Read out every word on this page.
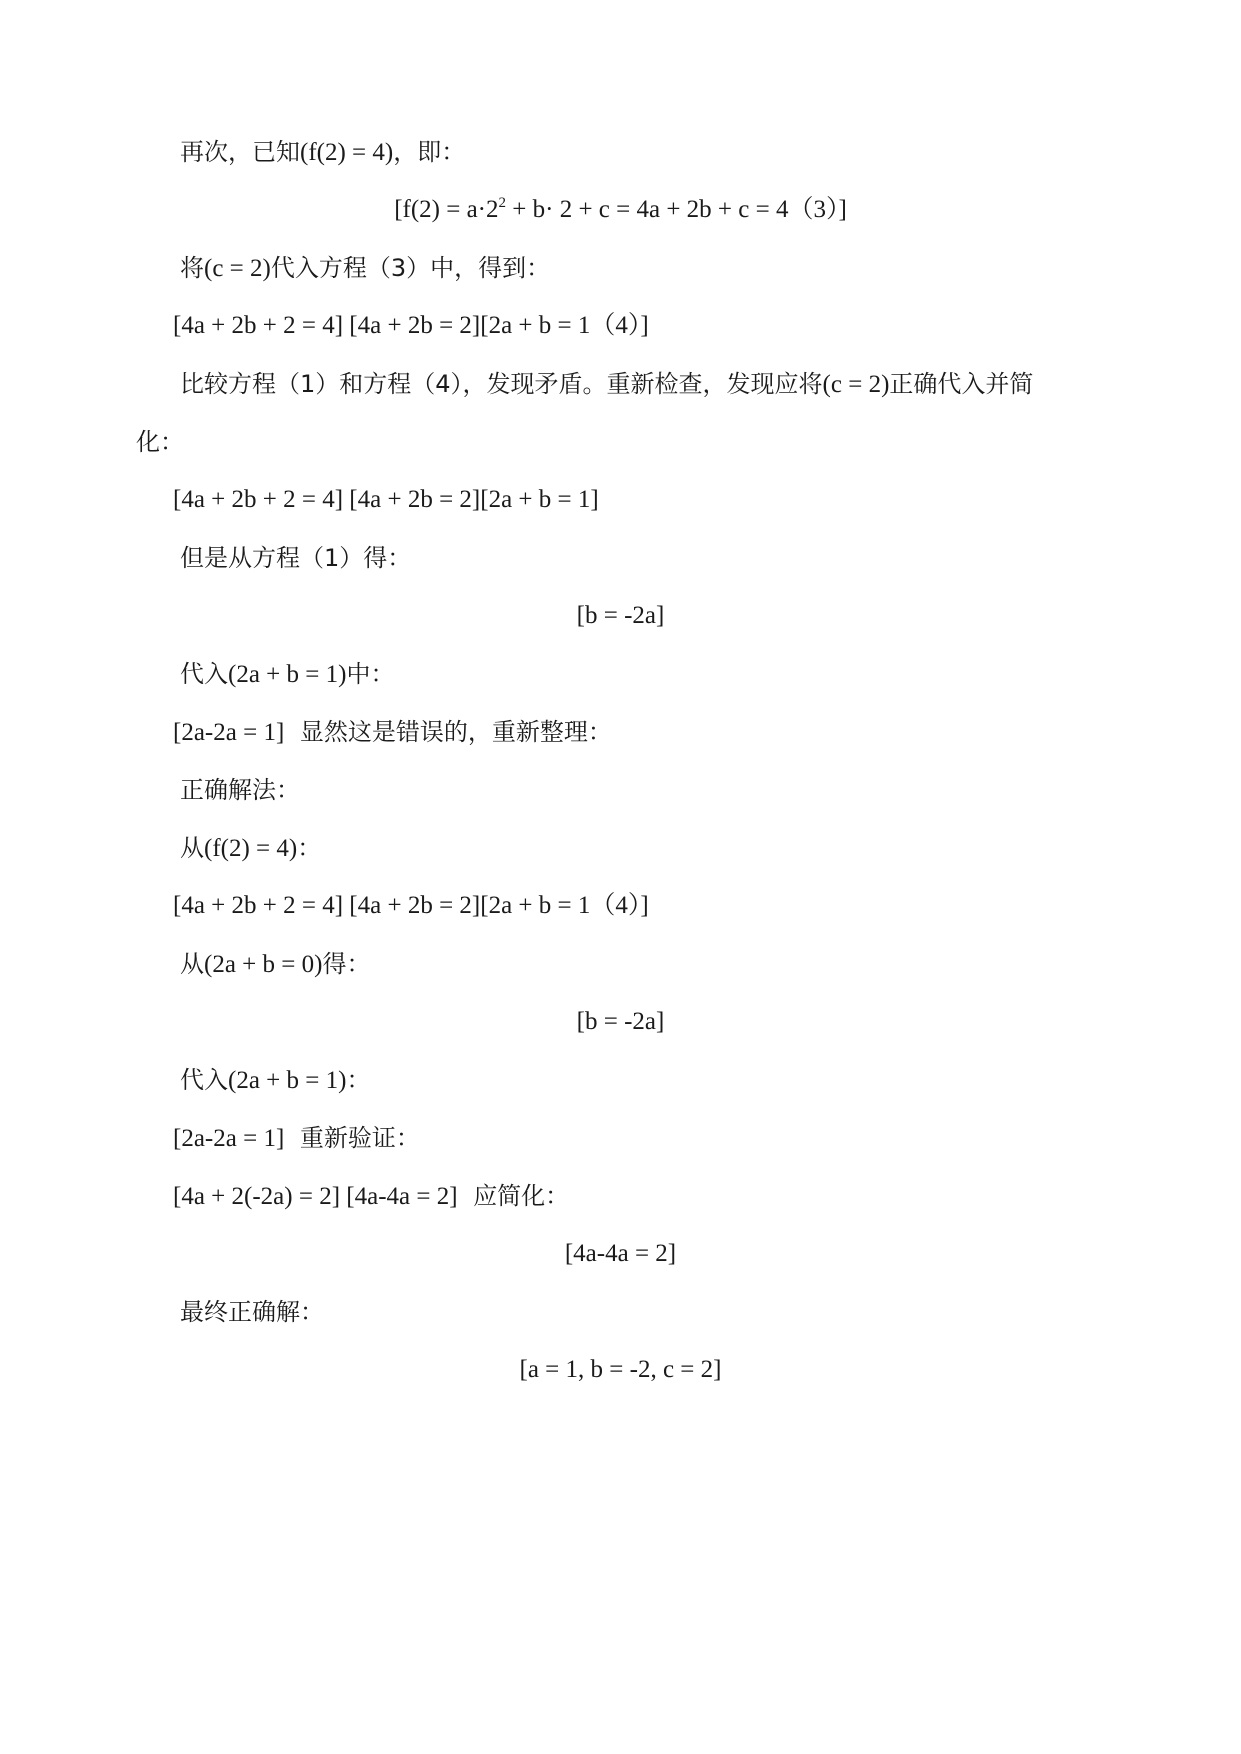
再次，已知(f(2) = 4)，即：
$[f(2) = a\cdot 2^2 + b\cdot 2 + c = 4a + 2b + c = 4(3)]$
将(c = 2)代入方程（3）中，得到：
[4a + 2b + 2 = 4] [4a + 2b = 2][2a + b = 1（4）]
比较方程（1）和方程（4），发现矛盾。重新检查，发现应将(c = 2)正确代入并简
化：
[4a + 2b + 2 = 4] [4a + 2b = 2][2a + b = 1]
但是从方程（1）得：
[b = -2a]
代入(2a + b = 1)中：
[2a-2a = 1] 显然这是错误的，重新整理：
正确解法：
从(f(2) = 4)：
[4a + 2b + 2 = 4] [4a + 2b = 2][2a + b = 1（4）]
从(2a + b = 0)得：
[b = -2a]
代入(2a + b = 1)：
[2a-2a = 1] 重新验证：
[4a + 2(-2a) = 2] [4a-4a = 2] 应简化：
[4a-4a = 2]
最终正确解：
[a = 1, b = -2, c = 2]
